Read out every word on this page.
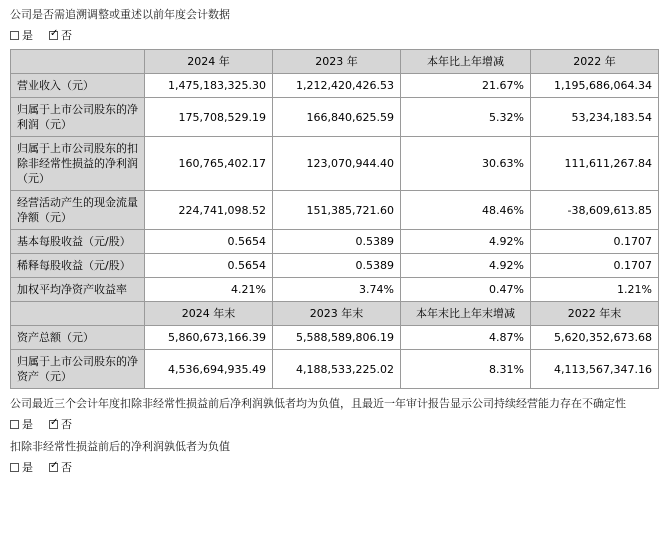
公司是否需追溯调整或重述以前年度会计数据

是 ✓	否
	2024 年	2023 年	本年比上年增减	2022 年
营业收入（元）	1,475,183,325.30	1,212,420,426.53	21.67%	1,195,686,064.34
归属于上市公司股东的净利润（元）	175,708,529.19	166,840,625.59	5.32%	53,234,183.54
归属于上市公司股东的扣除非经常性损益的净利润（元）	160,765,402.17	123,070,944.40	30.63%	111,611,267.84
经营活动产生的现金流量净额（元）	224,741,098.52	151,385,721.60	48.46%	-38,609,613.85
基本每股收益（元/股）	0.5654	0.5389	4.92%	0.1707
稀释每股收益（元/股）	0.5654	0.5389	4.92%	0.1707
加权平均净资产收益率	4.21%	3.74%	0.47%	1.21%
	2024 年末	2023 年末	本年末比上年末增减	2022 年末
资产总额（元）	5,860,673,166.39	5,588,589,806.19	4.87%	5,620,352,673.68
归属于上市公司股东的净资产（元）	4,536,694,935.49	4,188,533,225.02	8.31%	4,113,567,347.16

公司最近三个会计年度扣除非经常性损益前后净利润孰低者均为负值，且最近一年审计报告显示公司持续经营能力存在不确定性

是 ✓	否

扣除非经常性损益前后的净利润孰低者为负值

是 ✓	否
